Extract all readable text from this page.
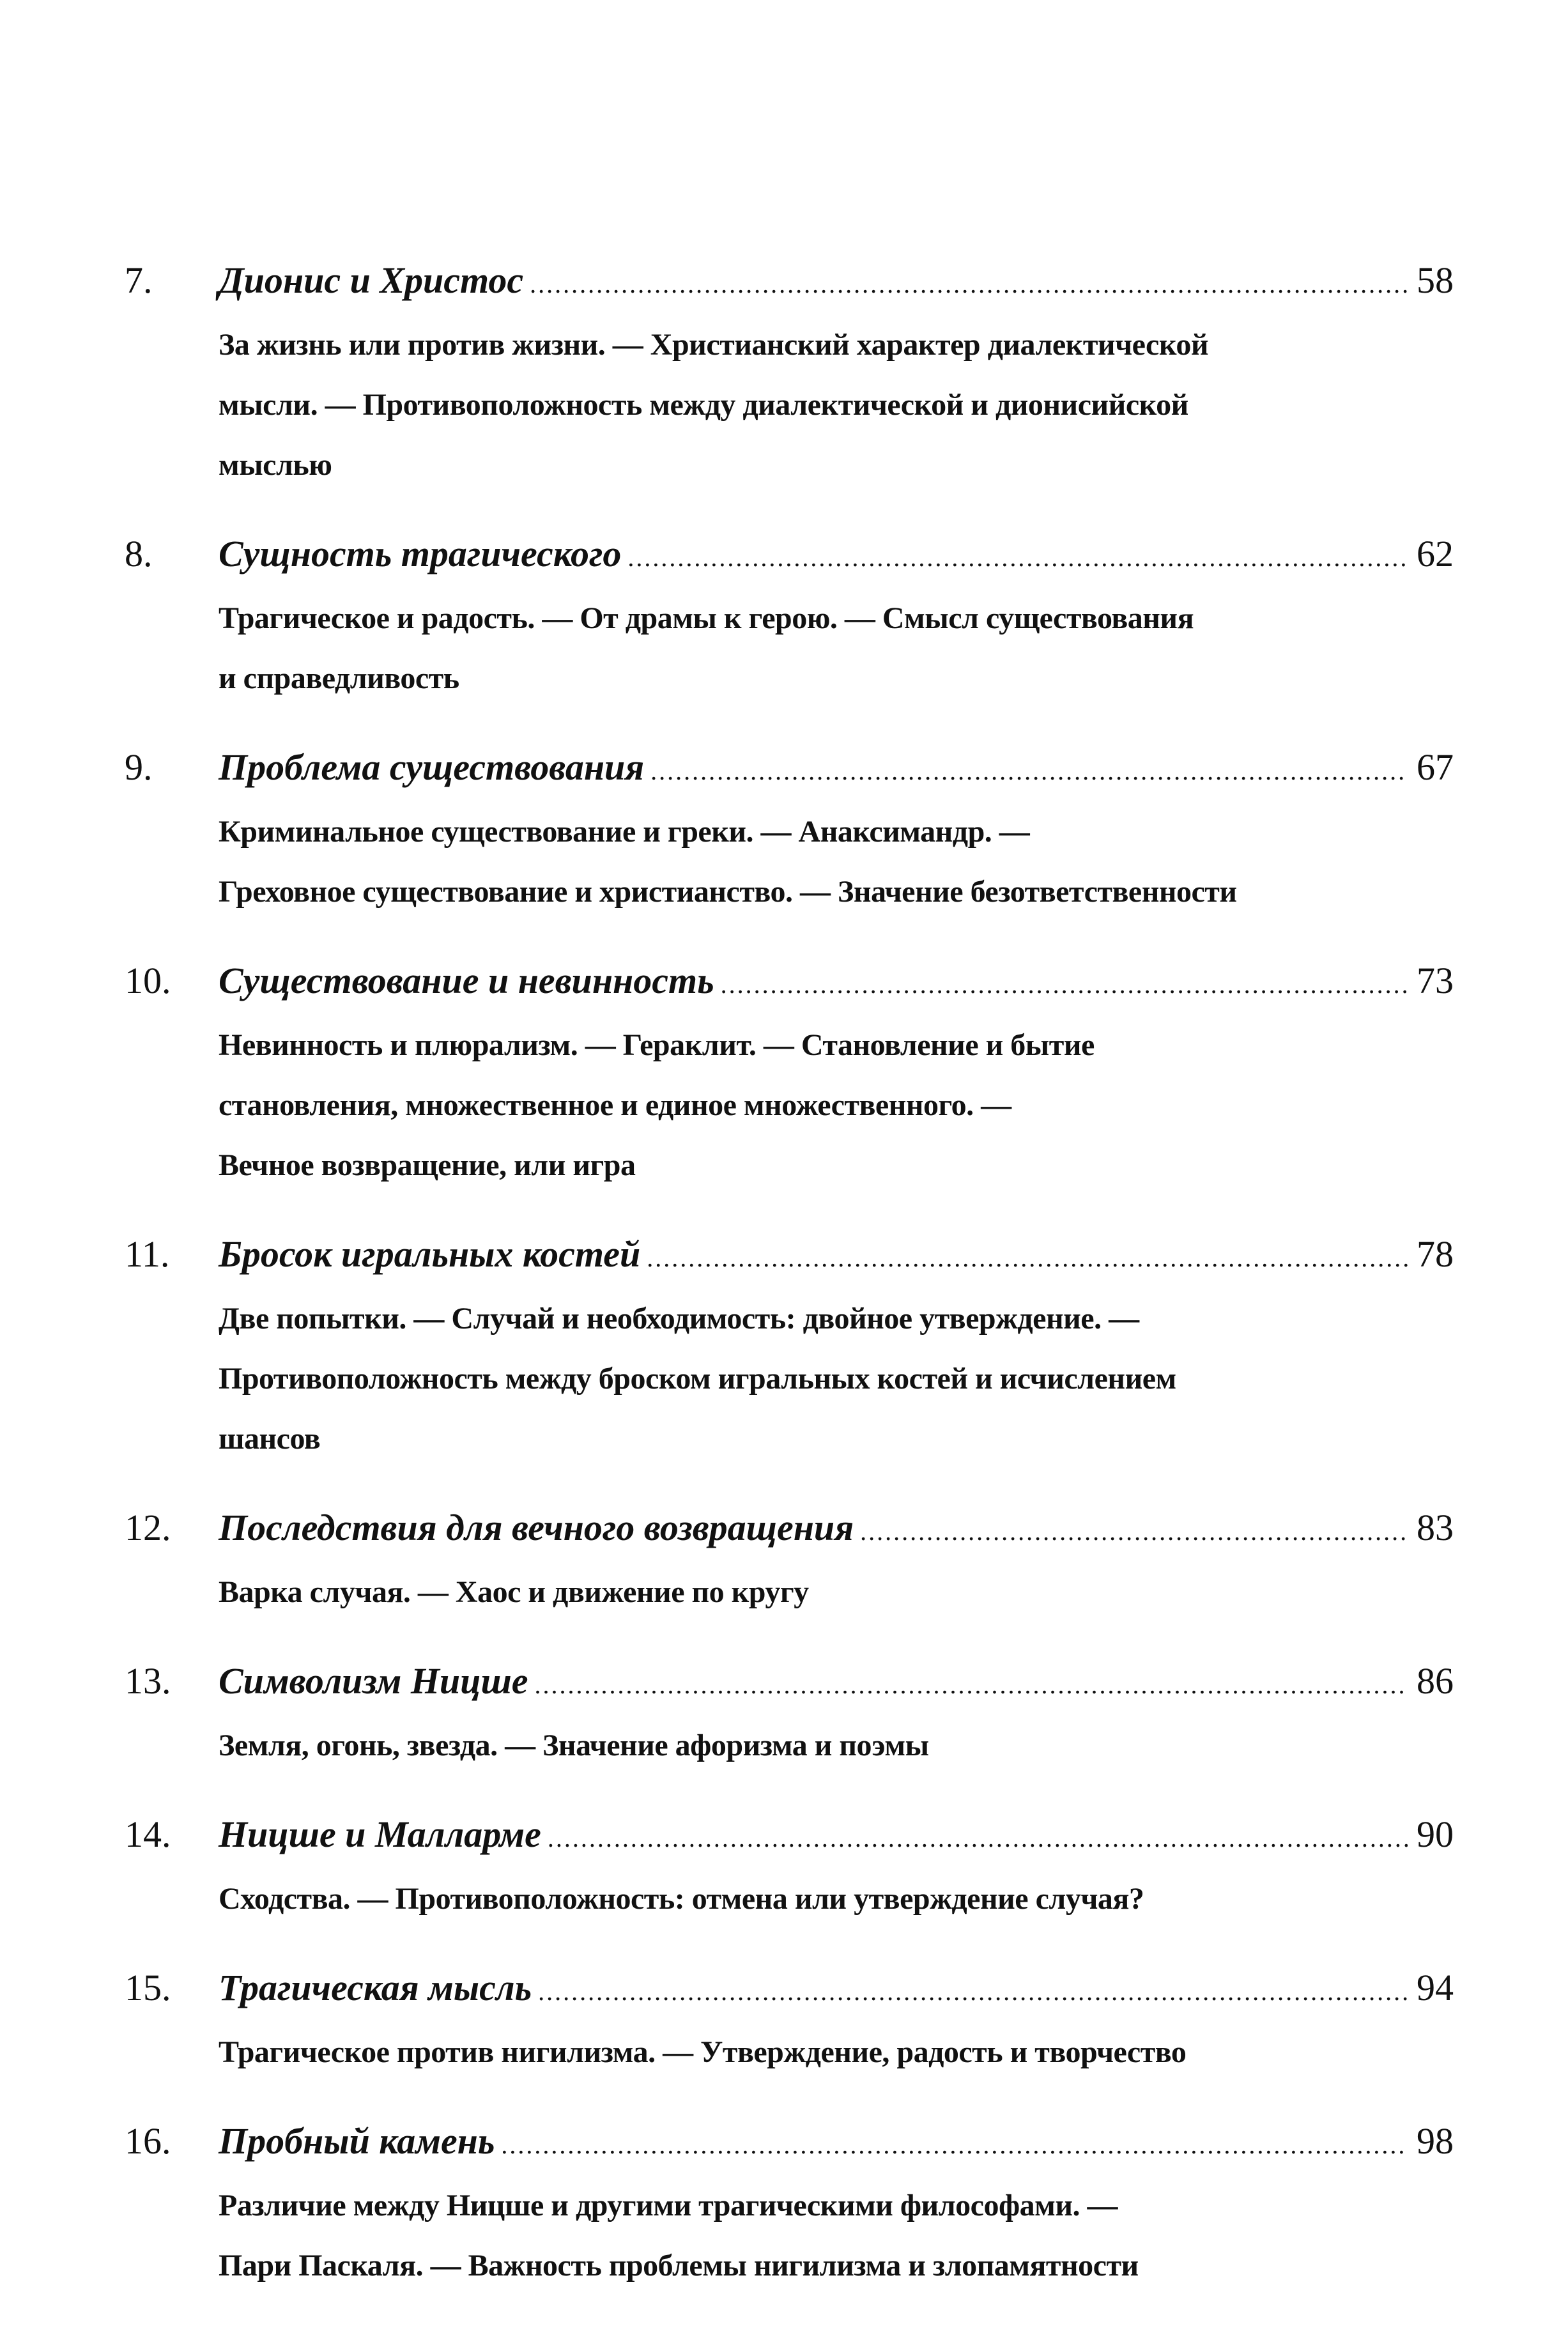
7.	Дионис и Христос .....	58
За жизнь или против жизни. — Христианский характер диалектической
мысли. — Противоположность между диалектической и дионисийской
мыслью
8.	Сущность трагического .....	62
Трагическое и радость. — От драмы к герою. — Смысл существования
и справедливость
9.	Проблема существования .....	67
Криминальное существование и греки. — Анаксимандр. —
Греховное существование и христианство. — Значение безответственности
10.	Существование и невинность .....	73
Невинность и плюрализм. — Гераклит. — Становление и бытие
становления, множественное и единое множественного. —
Вечное возвращение, или игра
11.	Бросок игральных костей .....	78
Две попытки. — Случай и необходимость: двойное утверждение. —
Противоположность между броском игральных костей и исчислением
шансов
12.	Последствия для вечного возвращения .....	83
Варка случая. — Хаос и движение по кругу
13.	Символизм Ницше .....	86
Земля, огонь, звезда. — Значение афоризма и поэмы
14.	Ницше и Малларме .....	90
Сходства. — Противоположность: отмена или утверждение случая?
15.	Трагическая мысль .....	94
Трагическое против нигилизма. — Утверждение, радость и творчество
16.	Пробный камень .....	98
Различие между Ницше и другими трагическими философами. —
Пари Паскаля. — Важность проблемы нигилизма и злопамятности
